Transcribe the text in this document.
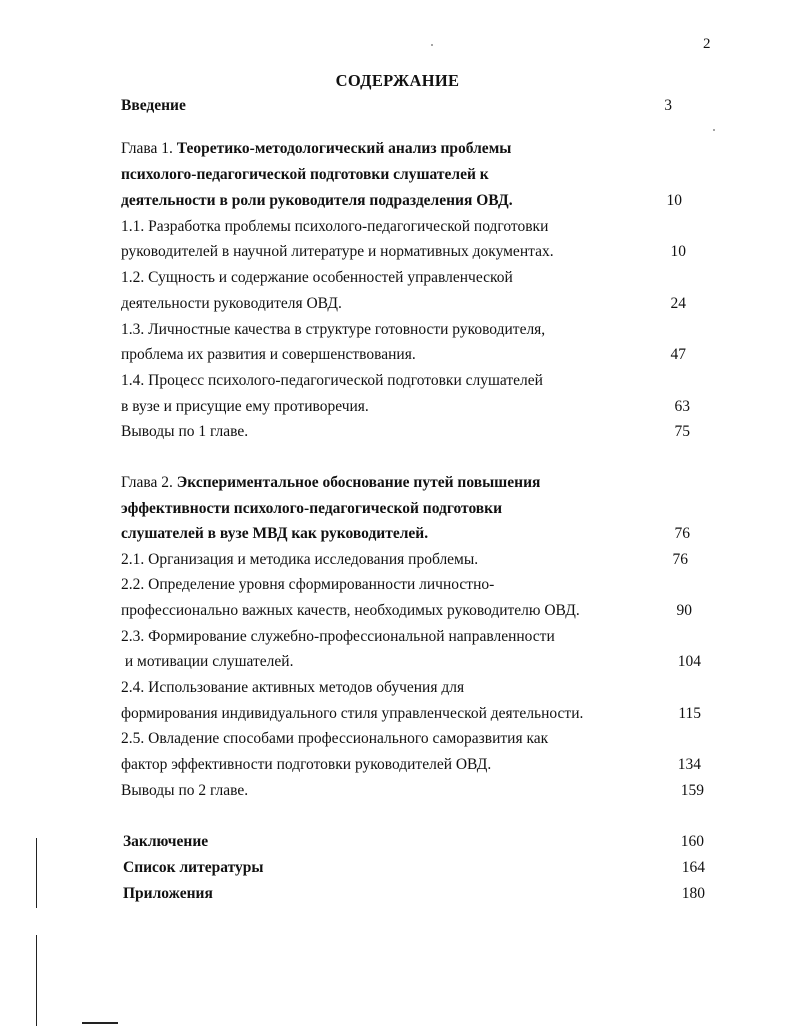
2
СОДЕРЖАНИЕ
Введение	3
Глава 1. Теоретико-методологический анализ проблемы
психолого-педагогической подготовки слушателей к
деятельности в роли руководителя подразделения ОВД.	10
1.1. Разработка проблемы психолого-педагогической подготовки
руководителей в научной литературе и нормативных документах.	10
1.2. Сущность и содержание особенностей управленческой
деятельности руководителя ОВД.	24
1.3. Личностные качества в структуре готовности руководителя,
проблема их развития и совершенствования.	47
1.4. Процесс психолого-педагогической подготовки слушателей
в вузе и присущие ему противоречия.	63
Выводы по 1 главе.	75
Глава 2. Экспериментальное обоснование путей повышения
эффективности психолого-педагогической подготовки
слушателей в вузе МВД как руководителей.	76
2.1. Организация и методика исследования проблемы.	76
2.2. Определение уровня сформированности личностно-
профессионально важных качеств, необходимых руководителю ОВД.	90
2.3. Формирование служебно-профессиональной направленности
и мотивации слушателей.	104
2.4. Использование активных методов обучения для
формирования индивидуального стиля управленческой деятельности.	115
2.5. Овладение способами профессионального саморазвития как
фактор эффективности подготовки руководителей ОВД.	134
Выводы по 2 главе.	159
Заключение	160
Список литературы	164
Приложения	180
